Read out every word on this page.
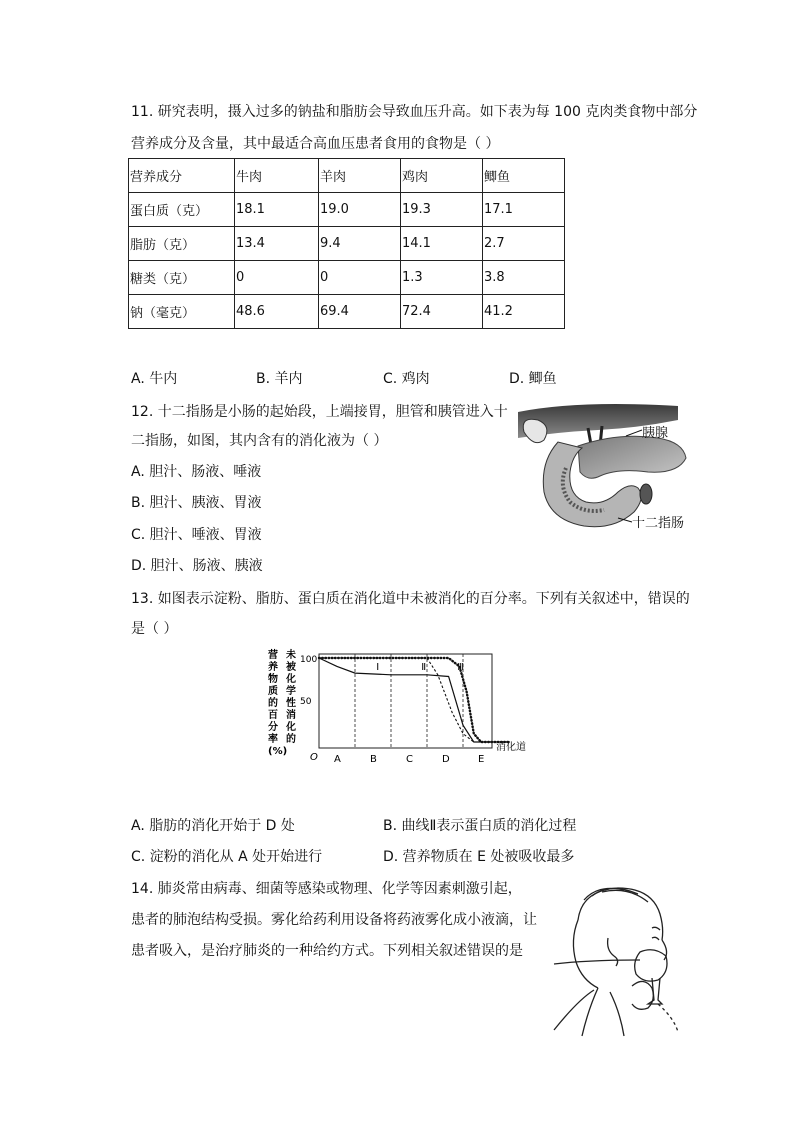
11. 研究表明，摄入过多的钠盐和脂肪会导致血压升高。如下表为每 100 克肉类食物中部分
营养成分及含量，其中最适合高血压患者食用的食物是（ ）
营养成分	牛肉	羊肉	鸡肉	鲫鱼
蛋白质（克）	18.1	19.0	19.3	17.1
脂肪（克）	13.4	9.4	14.1	2.7
糖类（克）	0	0	1.3	3.8
钠（毫克）	48.6	69.4	72.4	41.2
A. 牛内	B. 羊内	C. 鸡肉	D. 鲫鱼
12. 十二指肠是小肠的起始段，上端接胃，胆管和胰管进入十
二指肠，如图，其内含有的消化液为（ ）
A. 胆汁、肠液、唾液
B. 胆汁、胰液、胃液
C. 胆汁、唾液、胃液
D. 胆汁、肠液、胰液
胰腺
十二指肠
13. 如图表示淀粉、脂肪、蛋白质在消化道中未被消化的百分率。下列有关叙述中，错误的
是（ ）
营
养
物
质
的
百
分
率
(%)
未
被
化
学
性
消
化
的
100
50
A	B	C	D	E
Ⅰ	Ⅱ	Ⅲ
O
消化道
A. 脂肪的消化开始于 D 处	B. 曲线Ⅱ表示蛋白质的消化过程
C. 淀粉的消化从 A 处开始进行	D. 营养物质在 E 处被吸收最多
14. 肺炎常由病毒、细菌等感染或物理、化学等因素刺激引起，
患者的肺泡结构受损。雾化给药利用设备将药液雾化成小液滴，让
患者吸入，是治疗肺炎的一种给约方式。下列相关叙述错误的是
